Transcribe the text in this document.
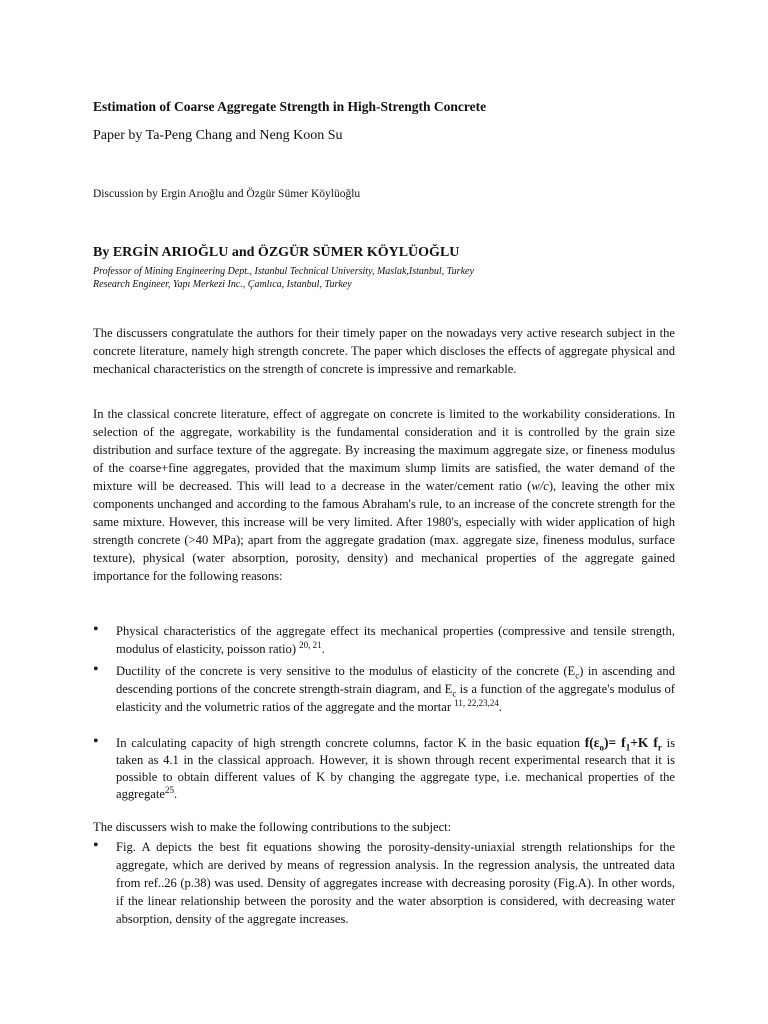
Estimation of Coarse Aggregate Strength in High-Strength Concrete

Paper by Ta-Peng Chang and Neng Koon Su

Discussion by Ergin Arıoğlu and Özgür Sümer Köylüoğlu

By ERGİN ARIOĞLU and ÖZGÜR SÜMER KÖYLÜOĞLU

Professor of Mining Engineering Dept., Istanbul Technical University, Maslak,Istanbul, Turkey

Research Engineer, Yapı Merkezi Inc., Çamlıca, Istanbul, Turkey

The discussers congratulate the authors for their timely paper on the nowadays very active research subject in the concrete literature, namely high strength concrete. The paper which discloses the effects of aggregate physical and mechanical characteristics on the strength of concrete is impressive and remarkable.

In the classical concrete literature, effect of aggregate on concrete is limited to the workability considerations. In selection of the aggregate, workability is the fundamental consideration and it is controlled by the grain size distribution and surface texture of the aggregate. By increasing the maximum aggregate size, or fineness modulus of the coarse+fine aggregates, provided that the maximum slump limits are satisfied, the water demand of the mixture will be decreased. This will lead to a decrease in the water/cement ratio (w/c), leaving the other mix components unchanged and according to the famous Abraham's rule, to an increase of the concrete strength for the same mixture. However, this increase will be very limited. After 1980's, especially with wider application of high strength concrete (>40 MPa); apart from the aggregate gradation (max. aggregate size, fineness modulus, surface texture), physical (water absorption, porosity, density) and mechanical properties of the aggregate gained importance for the following reasons:

• Physical characteristics of the aggregate effect its mechanical properties (compressive and tensile strength, modulus of elasticity, poisson ratio) $^{20, 21}$.
• Ductility of the concrete is very sensitive to the modulus of elasticity of the concrete $(E_c)$ in ascending and descending portions of the concrete strength-strain diagram, and $E_c$ is a function of the aggregate's modulus of elasticity and the volumetric ratios of the aggregate and the mortar $^{11, 22,23,24}$.
• In calculating capacity of high strength concrete columns, factor K in the basic equation $f(\varepsilon_o)= f_1+K$ $f_r$ is taken as 4.1 in the classical approach. However, it is shown through recent experimental research that it is possible to obtain different values of K by changing the aggregate type, i.e. mechanical properties of the aggregate$^{25}$.

The discussers wish to make the following contributions to the subject:

• Fig. A depicts the best fit equations showing the porosity-density-uniaxial strength relationships for the aggregate, which are derived by means of regression analysis. In the regression analysis, the untreated data from ref..26 (p.38) was used. Density of aggregates increase with decreasing porosity (Fig.A). In other words, if the linear relationship between the porosity and the water absorption is considered, with decreasing water absorption, density of the aggregate increases.
